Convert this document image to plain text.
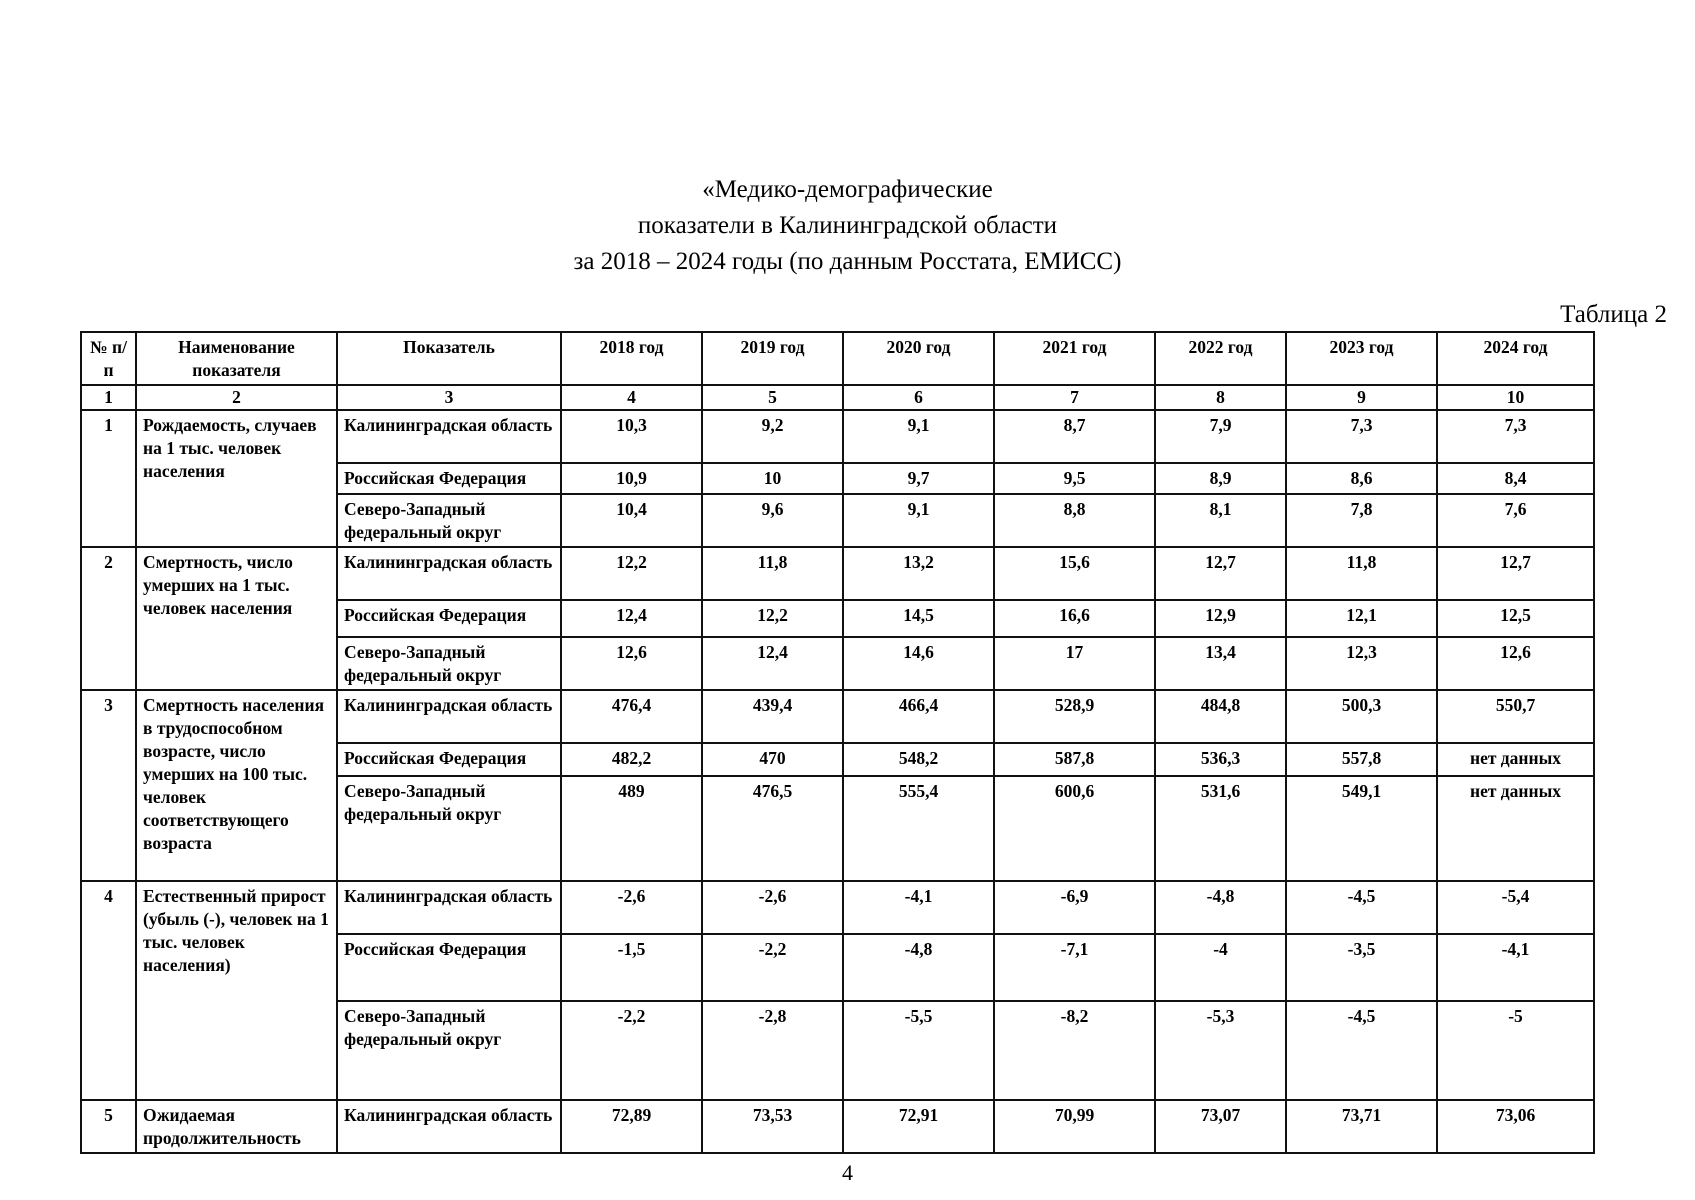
«Медико-демографические
показатели в Калининградской области
за 2018 – 2024 годы (по данным Росстата, ЕМИСС)
Таблица 2
№ п/п	Наименование показателя	Показатель	2018 год	2019 год	2020 год	2021 год	2022 год	2023 год	2024 год
1	2	3	4	5	6	7	8	9	10
1	Рождаемость, случаев на 1 тыс. человек населения	Калининградская область	10,3	9,2	9,1	8,7	7,9	7,3	7,3
		Российская Федерация	10,9	10	9,7	9,5	8,9	8,6	8,4
		Северо-Западный федеральный округ	10,4	9,6	9,1	8,8	8,1	7,8	7,6
2	Смертность, число умерших на 1 тыс. человек населения	Калининградская область	12,2	11,8	13,2	15,6	12,7	11,8	12,7
		Российская Федерация	12,4	12,2	14,5	16,6	12,9	12,1	12,5
		Северо-Западный федеральный округ	12,6	12,4	14,6	17	13,4	12,3	12,6
3	Смертность населения в трудоспособном возрасте, число умерших на 100 тыс. человек соответствующего возраста	Калининградская область	476,4	439,4	466,4	528,9	484,8	500,3	550,7
		Российская Федерация	482,2	470	548,2	587,8	536,3	557,8	нет данных
		Северо-Западный федеральный округ	489	476,5	555,4	600,6	531,6	549,1	нет данных
4	Естественный прирост (убыль (-), человек на 1 тыс. человек населения)	Калининградская область	-2,6	-2,6	-4,1	-6,9	-4,8	-4,5	-5,4
		Российская Федерация	-1,5	-2,2	-4,8	-7,1	-4	-3,5	-4,1
		Северо-Западный федеральный округ	-2,2	-2,8	-5,5	-8,2	-5,3	-4,5	-5
5	Ожидаемая продолжительность	Калининградская область	72,89	73,53	72,91	70,99	73,07	73,71	73,06
4
